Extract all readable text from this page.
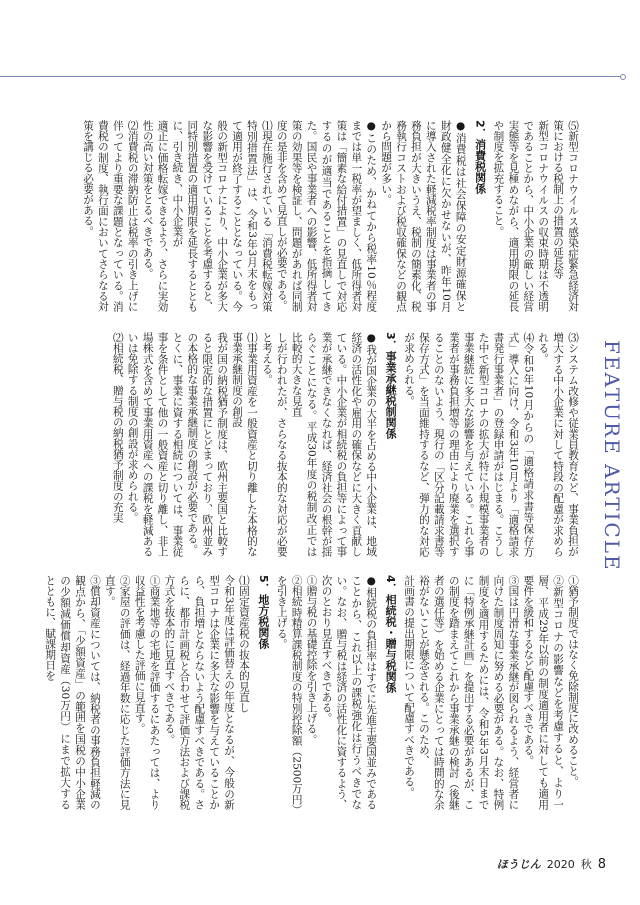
FEATURE ARTICLE

⑸新型コロナウイルス感染症緊急経済対策における税制上の措置の延長等

新型コロナウイルスの収束時期は不透明であることから、中小企業の厳しい経営実態等を見極めながら、適用期限の延長や制度を拡充すること。

2．消費税関係

●消費税は社会保障の安定財源確保と財政健全化に欠かせないが、昨年10月に導入された軽減税率制度は事業者の事務負担が大きいうえ、税制の簡素化、税務執行コストおよび税収確保などの観点から問題が多い。

●このため、かねてから税率10％程度までは単一税率が望ましく、低所得者対策は「簡素な給付措置」の見直しで対応するのが適当であることを指摘してきた。国民や事業者への影響、低所得者対策の効果等を検証し、問題があれば同制度の是非を含めて見直しが必要である。

⑴現在施行されている「消費税転嫁対策特別措置法」は、令和3年3月末をもって適用が終了することとなっている。今般の新型コロナにより、中小企業が多大な影響を受けていることを考慮すると、同特別措置の適用期限を延長するとともに、引き続き、中小企業が

適正に価格転嫁できるよう、さらに実効性の高い対策をとるべきである。

⑵消費税の滞納防止は税率の引き上げに伴ってより重要な課題となっている。消費税の制度、執行面においてさらなる対策を講じる必要がある。

⑶システム改修や従業員教育など、事業負担が増大する中小企業に対して特段の配慮が求められる。

⑷令和5年10月からの「適格請求書等保存方式」導入に向け、令和3年10月より「適格請求書発行事業者」の登録申請がはじまる。こうした中で新型コロナの拡大が特に小規模事業者の事業継続に多大な影響を与えている。これら事業者が事務負担増等の理由により廃業を選択することのないよう、現行の「区分記載請求書等保存方式」を当面維持するなど、弾力的な対応が求められる。

3．事業承継税制関係

●我が国企業の大半を占める中小企業は、地域経済の活性化や雇用の確保などに大きく貢献している。中小企業が相続税の負担等によって事業が承継できなくなれば、経済社会の根幹が揺らぐことになる。平成30年度の税制改正では比較的大きな見直

しが行われたが、さらなる抜本的な対応が必要と考える。

⑴事業用資産を一般資産と切り離した本格的な事業承継制度の創設

我が国の納税猶予制度は、欧州主要国と比較すると限定的な措置にとどまっており、欧州並みの本格的な事業承継制度の創設が必要である。

とくに、事業に資する相続については、事業従事を条件として他の一般資産と切り離し、非上場株式を含めて事業用資産への課税を軽減あるいは免除する制度の創設が求められる。

⑵相続税、贈与税の納税猶予制度の充実

①猶予制度ではなく免除制度に改めること。

②新型コロナの影響などを考慮すると、より一層、平成29年以前の制度適用者に対しても適用要件を緩和するなど配慮すべきである。

③国は円滑な事業承継が図られるよう、経営者に向けた制度周知に努める必要がある。なお、特例制度を適用するためには、令和5年3月末日までに「特例承継計画」を提出する必要があるが、この制度を踏まえてこれから事業承継の検討（後継者の選任等）を始める企業にとっては時間的な余裕がないことが懸念される。このため、

計画書の提出期限について配慮すべきである。

4．相続税・贈与税関係

●相続税の負担率はすでに先進主要国並みであることから、これ以上の課税強化は行うべきでない。なお、贈与税は経済の活性化に資するよう、次のとおり見直すべきである。

①贈与税の基礎控除を引き上げる。

②相続時精算課税制度の特別控除額（2500万円）を引き上げる。

5．地方税関係

⑴固定資産税の抜本的見直し

令和3年度は評価替えの年度となるが、今般の新型コロナは企業に多大な影響を与えていることから、負担増とならないよう配慮すべきである。さらに、都市計画税と合わせて評価方法および課税方式を抜本的に見直すべきである。

①商業地等の宅地を評価するにあたっては、より収益性を考慮した評価に見直す。

②家屋の評価は、経過年数に応じた評価方法に見直す。

③償却資産については、納税者の事務負担軽減の観点から、「少額資産」の範囲を国税の中小企業の少額減価償却資産（30万円）にまで拡大するとともに、賦課期日を

ほうじん 2020 秋 8
